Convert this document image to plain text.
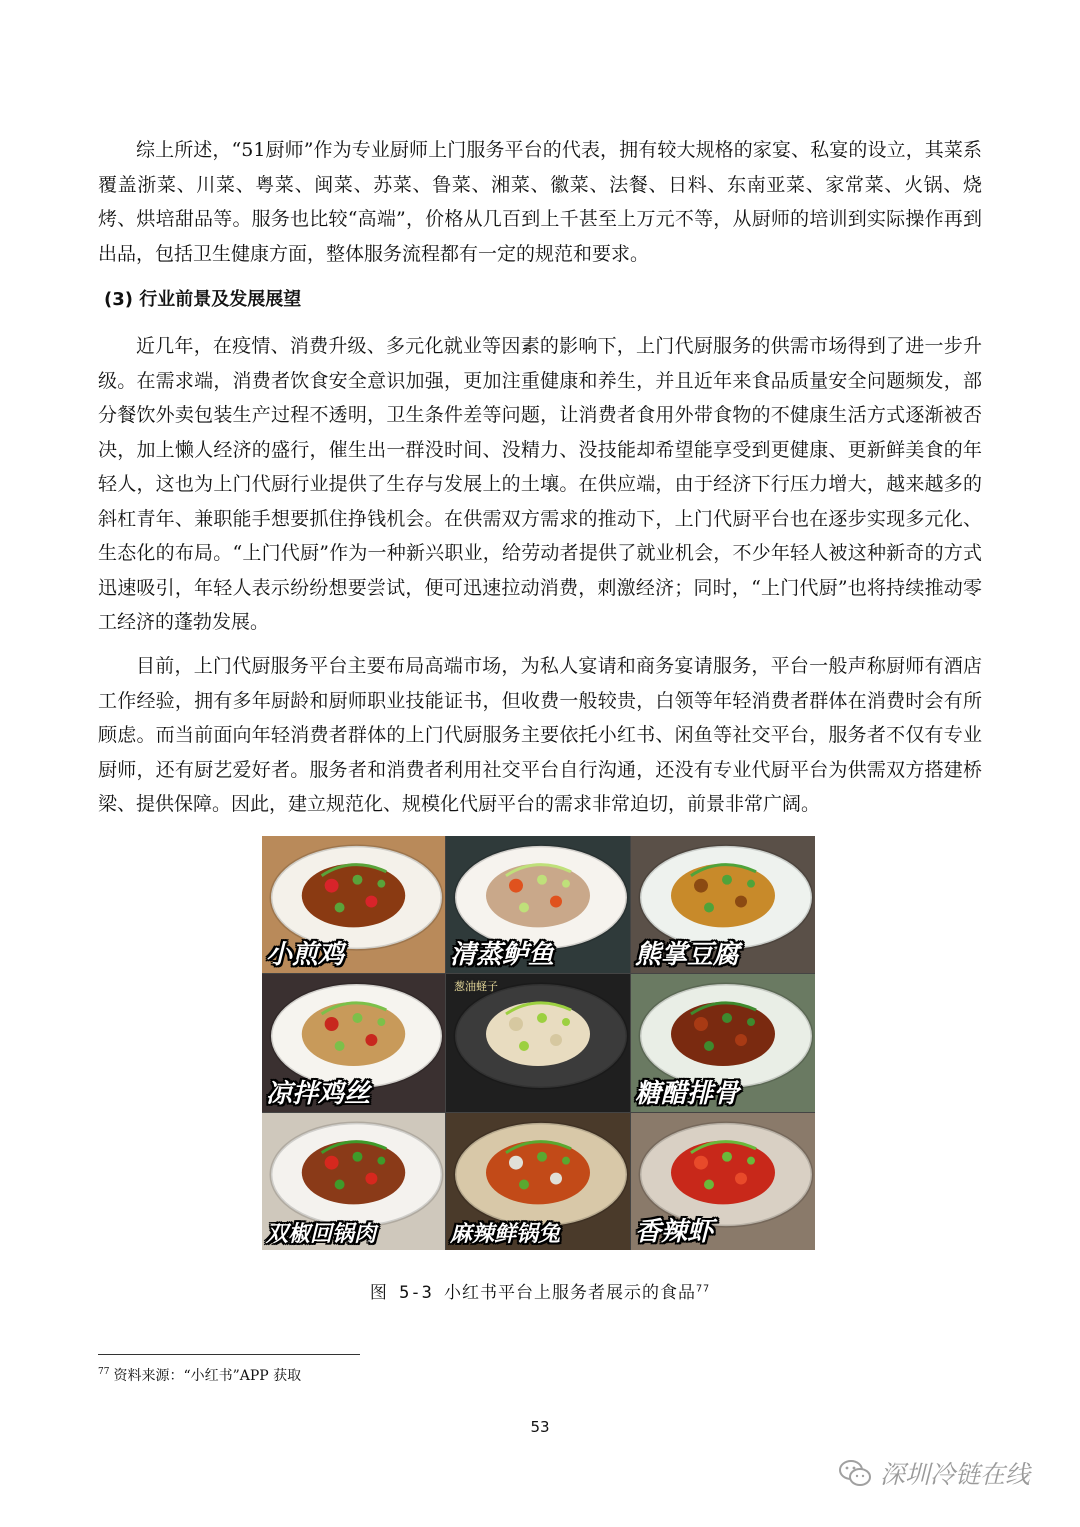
综上所述，“51厨师”作为专业厨师上门服务平台的代表，拥有较大规格的家宴、私宴的设立，其菜系覆盖浙菜、川菜、粤菜、闽菜、苏菜、鲁菜、湘菜、徽菜、法餐、日料、东南亚菜、家常菜、火锅、烧烤、烘培甜品等。服务也比较“高端”，价格从几百到上千甚至上万元不等，从厨师的培训到实际操作再到出品，包括卫生健康方面，整体服务流程都有一定的规范和要求。

(3) 行业前景及发展展望

近几年，在疫情、消费升级、多元化就业等因素的影响下，上门代厨服务的供需市场得到了进一步升级。在需求端，消费者饮食安全意识加强，更加注重健康和养生，并且近年来食品质量安全问题频发，部分餐饮外卖包装生产过程不透明，卫生条件差等问题，让消费者食用外带食物的不健康生活方式逐渐被否决，加上懒人经济的盛行，催生出一群没时间、没精力、没技能却希望能享受到更健康、更新鲜美食的年轻人，这也为上门代厨行业提供了生存与发展上的土壤。在供应端，由于经济下行压力增大，越来越多的斜杠青年、兼职能手想要抓住挣钱机会。在供需双方需求的推动下，上门代厨平台也在逐步实现多元化、生态化的布局。“上门代厨”作为一种新兴职业，给劳动者提供了就业机会，不少年轻人被这种新奇的方式迅速吸引，年轻人表示纷纷想要尝试，便可迅速拉动消费，刺激经济；同时，“上门代厨”也将持续推动零工经济的蓬勃发展。

目前，上门代厨服务平台主要布局高端市场，为私人宴请和商务宴请服务，平台一般声称厨师有酒店工作经验，拥有多年厨龄和厨师职业技能证书，但收费一般较贵，白领等年轻消费者群体在消费时会有所顾虑。而当前面向年轻消费者群体的上门代厨服务主要依托小红书、闲鱼等社交平台，服务者不仅有专业厨师，还有厨艺爱好者。服务者和消费者利用社交平台自行沟通，还没有专业代厨平台为供需双方搭建桥梁、提供保障。因此，建立规范化、规模化代厨平台的需求非常迫切，前景非常广阔。

小煎鸡	清蒸鲈鱼	熊掌豆腐
凉拌鸡丝
葱油蛏子
糖醋排骨
双椒回锅肉	麻辣鲜锅兔	香辣虾
图 5-3 小红书平台上服务者展示的食品$^{77}$
$^{77}$ 资料来源：“小红书”APP 获取
53
深圳冷链在线
